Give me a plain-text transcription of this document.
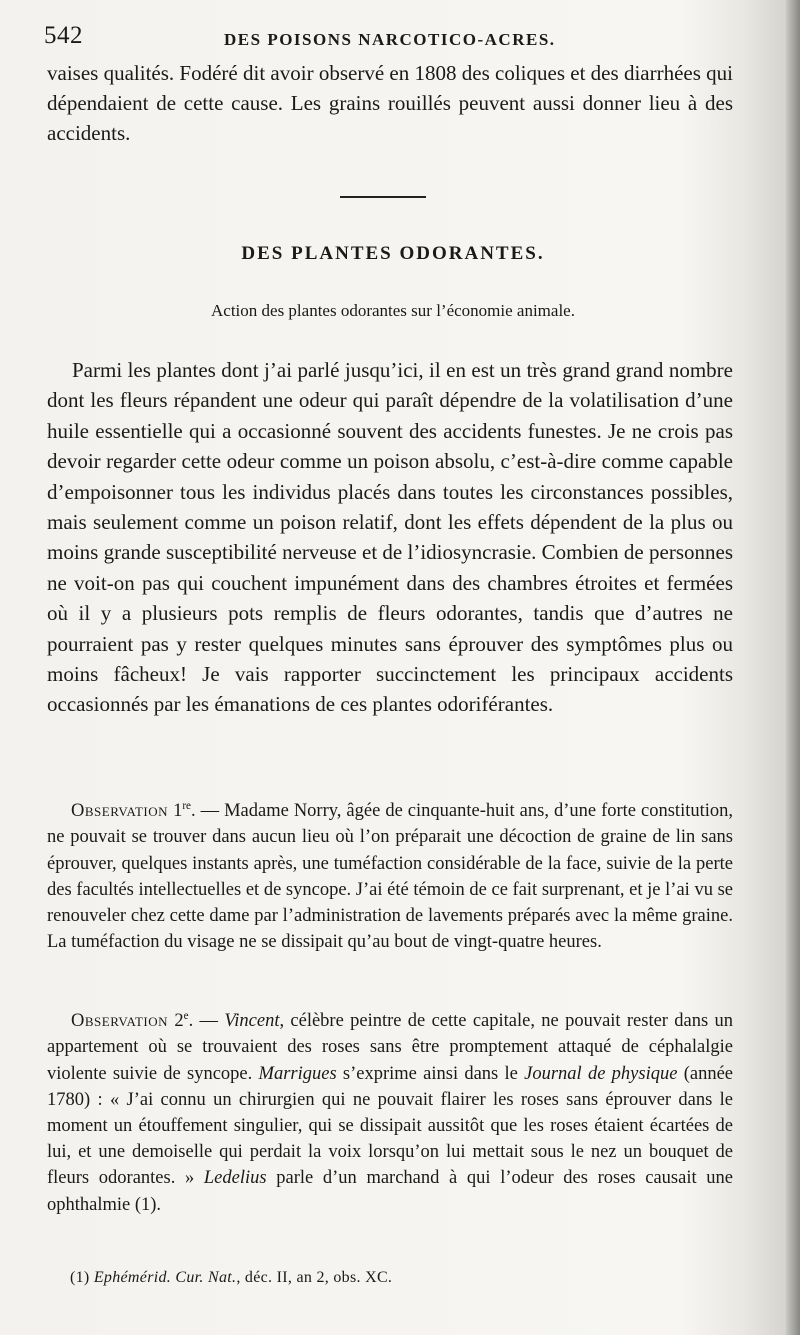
542	DES POISONS NARCOTICO-ACRES.

vaises qualités. Fodéré dit avoir observé en 1808 des coliques et des diarrhées qui dépendaient de cette cause. Les grains rouillés peuvent aussi donner lieu à des accidents.

DES PLANTES ODORANTES.
Action des plantes odorantes sur l’économie animale.

Parmi les plantes dont j’ai parlé jusqu’ici, il en est un très grand grand nombre dont les fleurs répandent une odeur qui paraît dépendre de la volatilisation d’une huile essentielle qui a occasionné souvent des accidents funestes. Je ne crois pas devoir regarder cette odeur comme un poison absolu, c’est-à-dire comme capable d’empoisonner tous les individus placés dans toutes les circonstances possibles, mais seulement comme un poison relatif, dont les effets dépendent de la plus ou moins grande susceptibilité nerveuse et de l’idiosyncrasie. Combien de personnes ne voit-on pas qui couchent impunément dans des chambres étroites et fermées où il y a plusieurs pots remplis de fleurs odorantes, tandis que d’autres ne pourraient pas y rester quelques minutes sans éprouver des symptômes plus ou moins fâcheux! Je vais rapporter succinctement les principaux accidents occasionnés par les émanations de ces plantes odoriférantes.

Observation 1re. — Madame Norry, âgée de cinquante-huit ans, d’une forte constitution, ne pouvait se trouver dans aucun lieu où l’on préparait une décoction de graine de lin sans éprouver, quelques instants après, une tuméfaction considérable de la face, suivie de la perte des facultés intellectuelles et de syncope. J’ai été témoin de ce fait surprenant, et je l’ai vu se renouveler chez cette dame par l’administration de lavements préparés avec la même graine. La tuméfaction du visage ne se dissipait qu’au bout de vingt-quatre heures.

Observation 2e. — Vincent, célèbre peintre de cette capitale, ne pouvait rester dans un appartement où se trouvaient des roses sans être promptement attaqué de céphalalgie violente suivie de syncope. Marrigues s’exprime ainsi dans le Journal de physique (année 1780) : « J’ai connu un chirurgien qui ne pouvait flairer les roses sans éprouver dans le moment un étouffement singulier, qui se dissipait aussitôt que les roses étaient écartées de lui, et une demoiselle qui perdait la voix lorsqu’on lui mettait sous le nez un bouquet de fleurs odorantes. » Ledelius parle d’un marchand à qui l’odeur des roses causait une ophthalmie (1).

(1) Ephémérid. Cur. Nat., déc. II, an 2, obs. XC.
